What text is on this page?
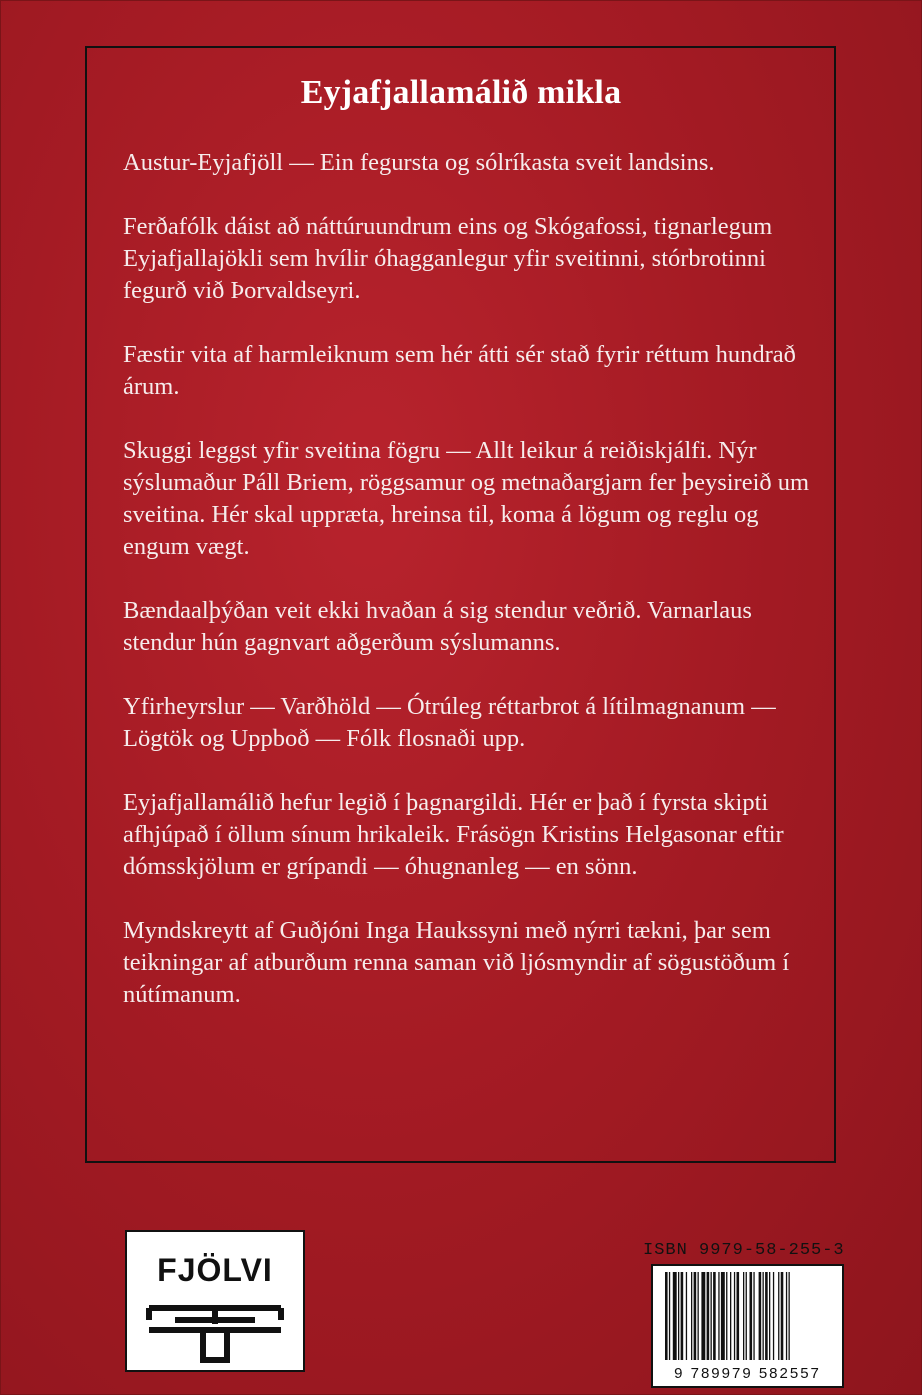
Eyjafjallamálið mikla

Austur-Eyjafjöll — Ein fegursta og sólríkasta sveit landsins.

Ferðafólk dáist að náttúruundrum eins og Skógafossi, tignarlegum Eyjafjallajökli sem hvílir óhagganlegur yfir sveitinni, stórbrotinni fegurð við Þorvaldseyri.

Fæstir vita af harmleiknum sem hér átti sér stað fyrir réttum hundrað árum.

Skuggi leggst yfir sveitina fögru — Allt leikur á reiðiskjálfi. Nýr sýslumaður Páll Briem, röggsamur og metnaðargjarn fer þeysireið um sveitina. Hér skal uppræta, hreinsa til, koma á lögum og reglu og engum vægt.

Bændaalþýðan veit ekki hvaðan á sig stendur veðrið. Varnarlaus stendur hún gagnvart aðgerðum sýslumanns.

Yfirheyrslur — Varðhöld — Ótrúleg réttarbrot á lítilmagnanum — Lögtök og Uppboð — Fólk flosnaði upp.

Eyjafjallamálið hefur legið í þagnargildi. Hér er það í fyrsta skipti afhjúpað í öllum sínum hrikaleik. Frásögn Kristins Helgasonar eftir dómsskjölum er grípandi — óhugnanleg — en sönn.

Myndskreytt af Guðjóni Inga Haukssyni með nýrri tækni, þar sem teikningar af atburðum renna saman við ljósmyndir af sögustöðum í nútímanum.

FJÖLVI
ISBN 9979-58-255-3
9 789979 582557
